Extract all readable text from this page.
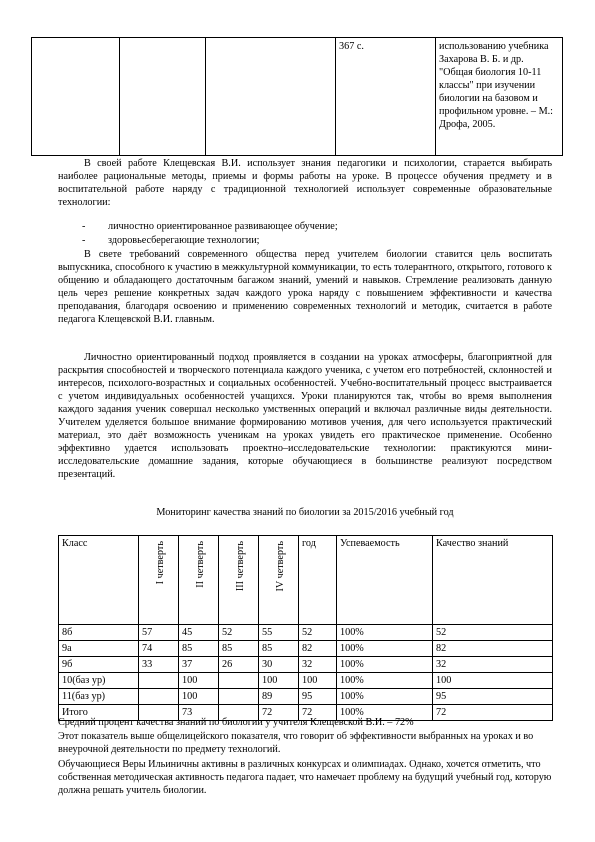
			367 с.	использованию учебника Захарова В. Б. и др. "Общая биология 10-11 классы" при изучении биологии на базовом и профильном уровне. – М.: Дрофа, 2005.

В своей работе Клещевская В.И. использует знания педагогики и психологии, старается выбирать наиболее рациональные методы, приемы и формы работы на уроке. В процессе обучения предмету и в воспитательной работе наряду с традиционной технологией использует современные образовательные технологии:

- личностно ориентированное развивающее обучение;
- здоровьесберегающие технологии;

В свете требований современного общества перед учителем биологии ставится цель воспитать выпускника, способного к участию в межкультурной коммуникации, то есть толерантного, открытого, готового к общению и обладающего достаточным багажом знаний, умений и навыков. Стремление реализовать данную цель через решение конкретных задач каждого урока наряду с повышением эффективности и качества преподавания, благодаря освоению и применению современных технологий и методик, считается в работе педагога Клещевской В.И. главным.

Личностно ориентированный подход проявляется в создании на уроках атмосферы, благоприятной для раскрытия способностей и творческого потенциала каждого ученика, с учетом его потребностей, склонностей и интересов, психолого-возрастных и социальных особенностей. Учебно-воспитательный процесс выстраивается с учетом индивидуальных особенностей учащихся. Уроки планируются так, чтобы во время выполнения каждого задания ученик совершал несколько умственных операций и включал различные виды деятельности. Учителем уделяется большое внимание формированию мотивов учения, для чего используется практический материал, это даёт возможность ученикам на уроках увидеть его практическое применение. Особенно эффективно удается использовать проектно–исследовательские технологии: практикуются мини-исследовательские домашние задания, которые обучающиеся в большинстве реализуют посредством презентаций.

Мониторинг качества знаний по биологии за 2015/2016 учебный год
Класс	I четверть	II четверть	III четверть	IV четверть	год	Успеваемость	Качество знаний
8б	57	45	52	55	52	100%	52
9а	74	85	85	85	82	100%	82
9б	33	37	26	30	32	100%	32
10(баз ур)		100		100	100	100%	100
11(баз ур)		100		89	95	100%	95
Итого		73		72	72	100%	72

Средний процент качества знаний по биологии у учителя Клещевской В.И. – 72%

Этот показатель выше общелицейского показателя, что говорит об эффективности выбранных на уроках и во внеурочной деятельности по предмету технологий.

Обучающиеся Веры Ильиничны активны в различных конкурсах и олимпиадах. Однако, хочется отметить, что собственная методическая активность педагога падает, что намечает проблему на будущий учебный год, которую должна решать учитель биологии.
